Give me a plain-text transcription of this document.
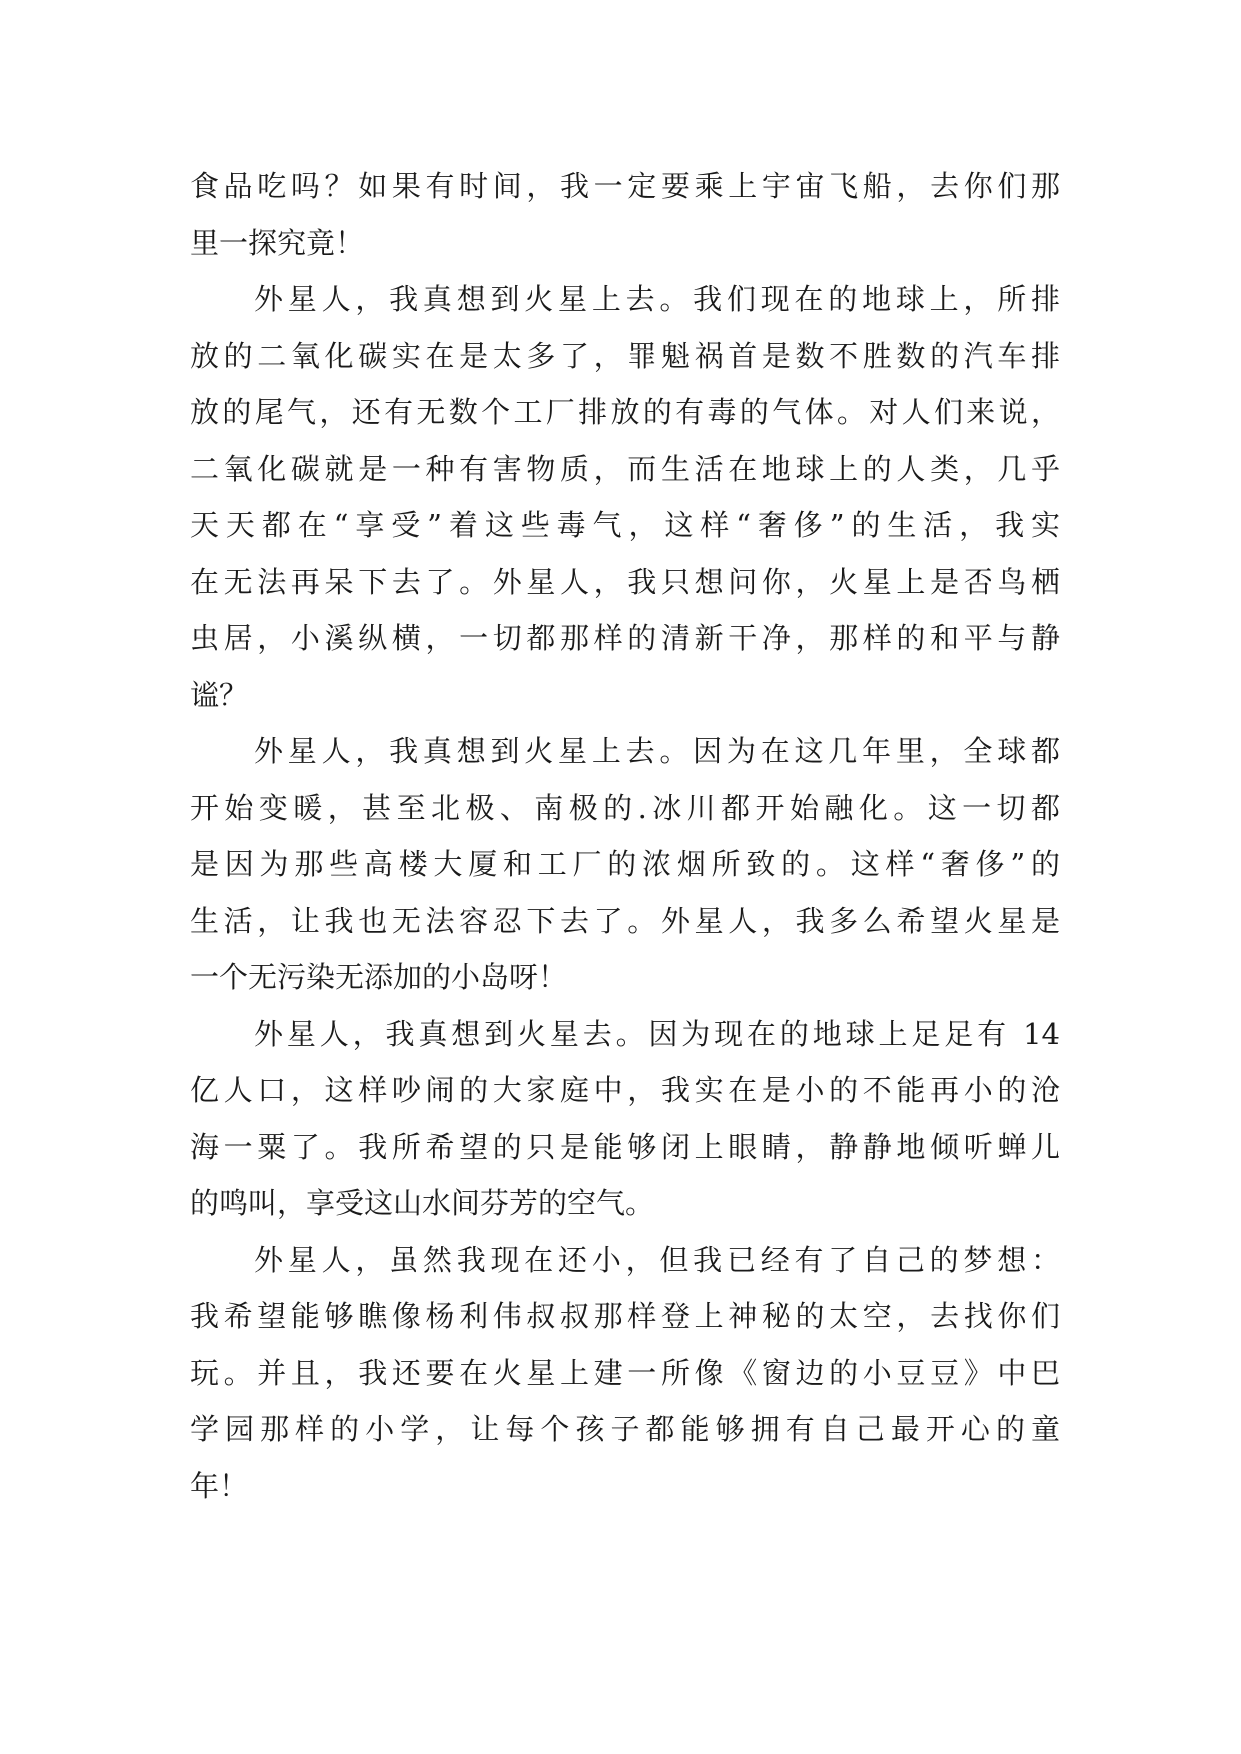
食品吃吗？如果有时间，我一定要乘上宇宙飞船，去你们那
里一探究竟！
外星人，我真想到火星上去。我们现在的地球上，所排
放的二氧化碳实在是太多了，罪魁祸首是数不胜数的汽车排
放的尾气，还有无数个工厂排放的有毒的气体。对人们来说，
二氧化碳就是一种有害物质，而生活在地球上的人类，几乎
天天都在“享受”着这些毒气，这样“奢侈”的生活，我实
在无法再呆下去了。外星人，我只想问你，火星上是否鸟栖
虫居，小溪纵横，一切都那样的清新干净，那样的和平与静
谧？
外星人，我真想到火星上去。因为在这几年里，全球都
开始变暖，甚至北极、南极的.冰川都开始融化。这一切都
是因为那些高楼大厦和工厂的浓烟所致的。这样“奢侈”的
生活，让我也无法容忍下去了。外星人，我多么希望火星是
一个无污染无添加的小岛呀！
外星人，我真想到火星去。因为现在的地球上足足有 14
亿人口，这样吵闹的大家庭中，我实在是小的不能再小的沧
海一粟了。我所希望的只是能够闭上眼睛，静静地倾听蝉儿
的鸣叫，享受这山水间芬芳的空气。
外星人，虽然我现在还小，但我已经有了自己的梦想：
我希望能够瞧像杨利伟叔叔那样登上神秘的太空，去找你们
玩。并且，我还要在火星上建一所像《窗边的小豆豆》中巴
学园那样的小学，让每个孩子都能够拥有自己最开心的童
年！
